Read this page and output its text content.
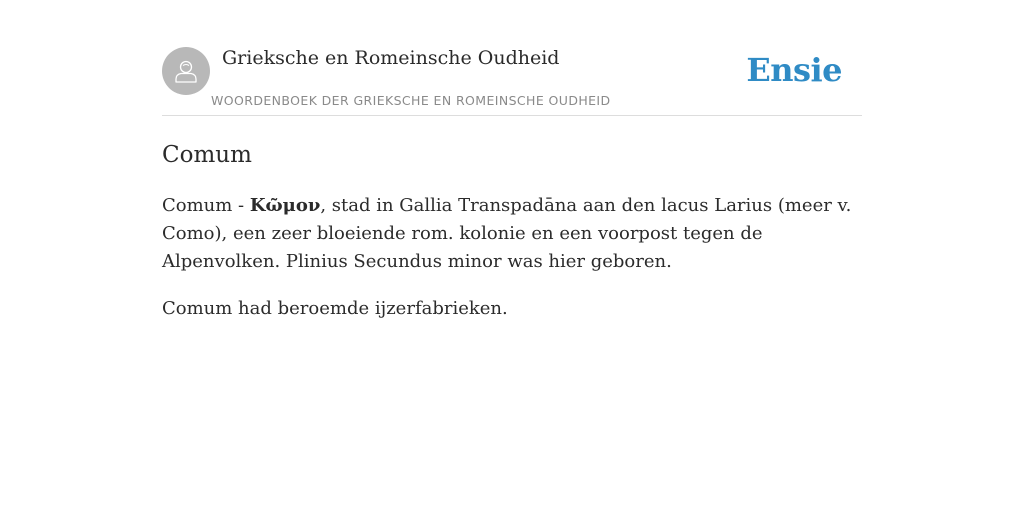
Grieksche en Romeinsche Oudheid
WOORDENBOEK DER GRIEKSCHE EN ROMEINSCHE OUDHEID
Ensie
Comum

Comum - Κῶμον, stad in Gallia Transpadāna aan den lacus Larius (meer v. Como), een zeer bloeiende rom. kolonie en een voorpost tegen de Alpenvolken. Plinius Secundus minor was hier geboren.

Comum had beroemde ijzerfabrieken.
